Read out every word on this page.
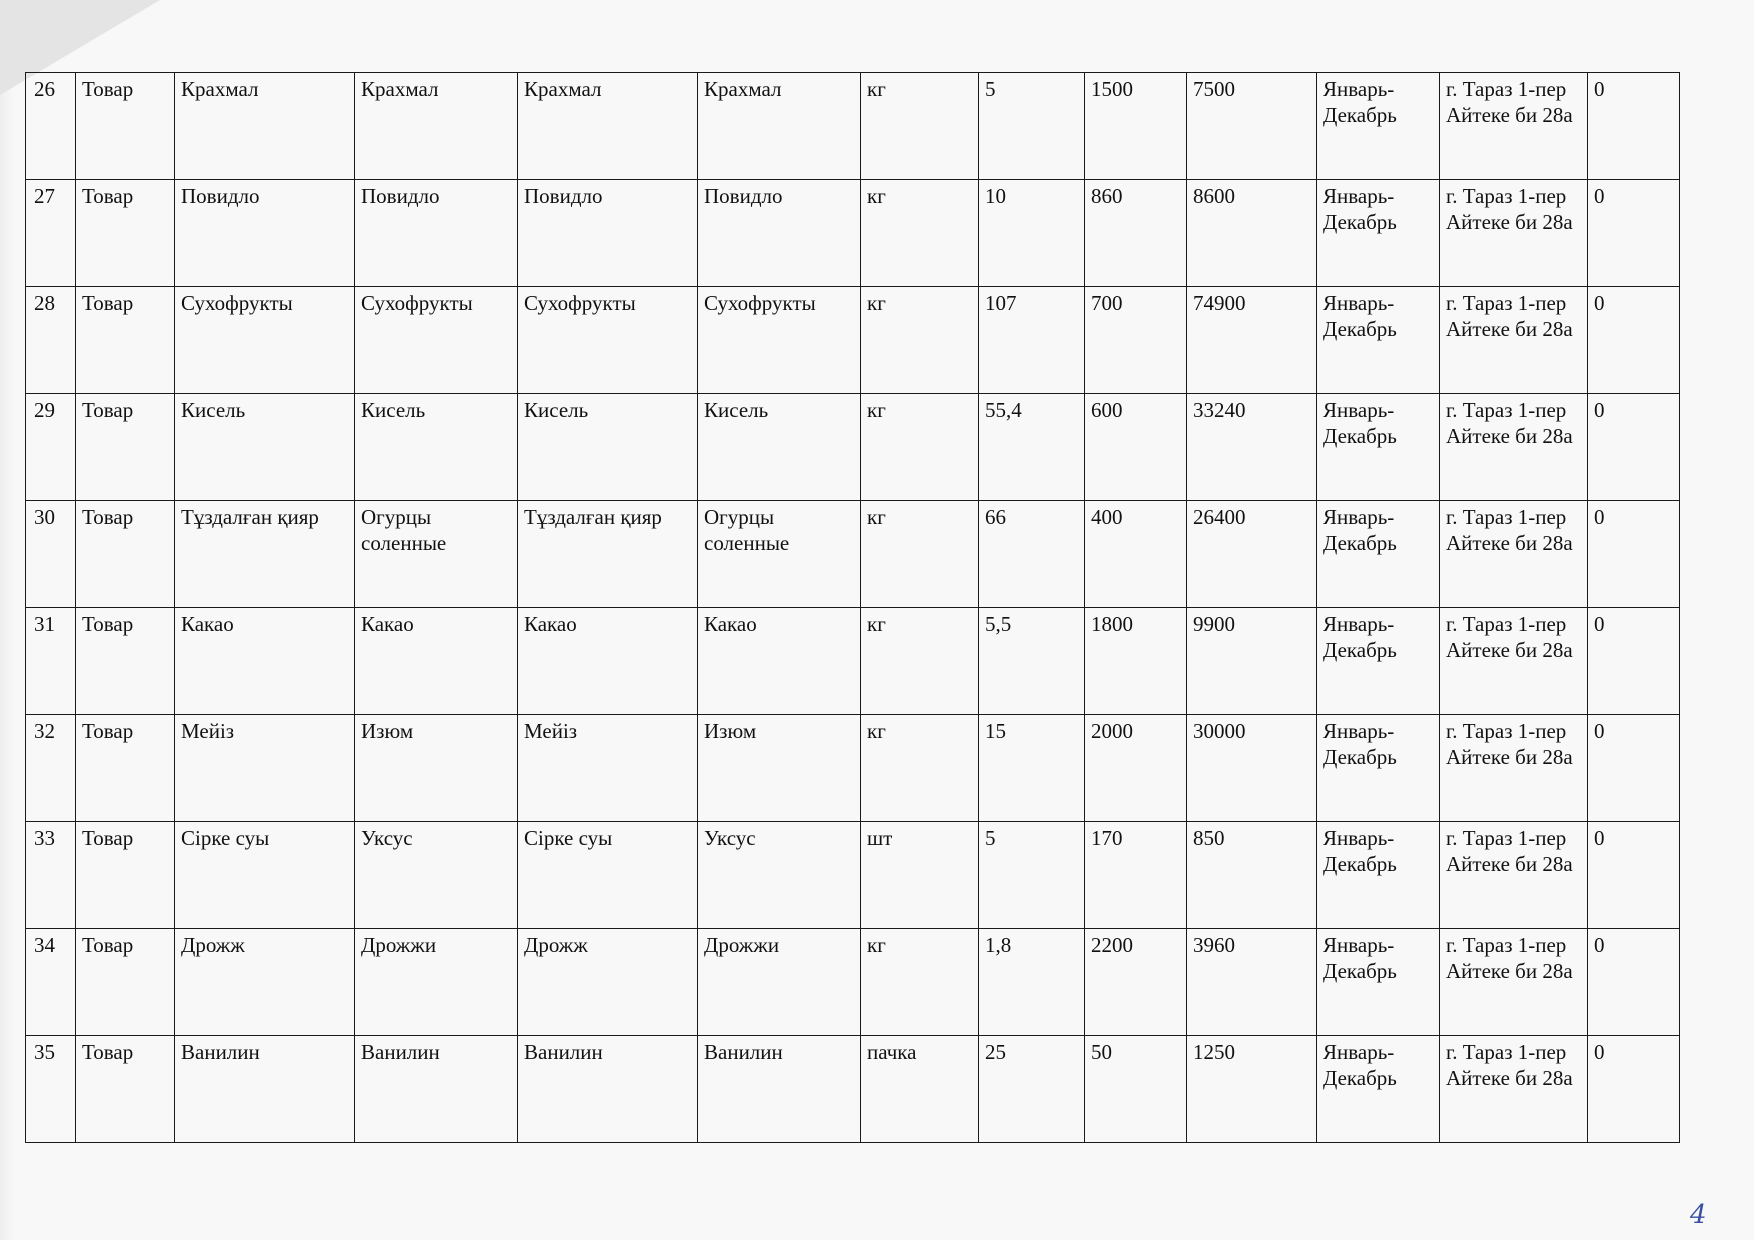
26	Товар	Крахмал	Крахмал	Крахмал	Крахмал	кг	5	1500	7500	Январь-Декабрь	г. Тараз 1-пер Айтеке би 28а	0
27	Товар	Повидло	Повидло	Повидло	Повидло	кг	10	860	8600	Январь-Декабрь	г. Тараз 1-пер Айтеке би 28а	0
28	Товар	Сухофрукты	Сухофрукты	Сухофрукты	Сухофрукты	кг	107	700	74900	Январь-Декабрь	г. Тараз 1-пер Айтеке би 28а	0
29	Товар	Кисель	Кисель	Кисель	Кисель	кг	55,4	600	33240	Январь-Декабрь	г. Тараз 1-пер Айтеке би 28а	0
30	Товар	Тұздалған қияр	Огурцы соленные	Тұздалған қияр	Огурцы соленные	кг	66	400	26400	Январь-Декабрь	г. Тараз 1-пер Айтеке би 28а	0
31	Товар	Какао	Какао	Какао	Какао	кг	5,5	1800	9900	Январь-Декабрь	г. Тараз 1-пер Айтеке би 28а	0
32	Товар	Мейіз	Изюм	Мейіз	Изюм	кг	15	2000	30000	Январь-Декабрь	г. Тараз 1-пер Айтеке би 28а	0
33	Товар	Сірке суы	Уксус	Сірке суы	Уксус	шт	5	170	850	Январь-Декабрь	г. Тараз 1-пер Айтеке би 28а	0
34	Товар	Дрожж	Дрожжи	Дрожж	Дрожжи	кг	1,8	2200	3960	Январь-Декабрь	г. Тараз 1-пер Айтеке би 28а	0
35	Товар	Ванилин	Ванилин	Ванилин	Ванилин	пачка	25	50	1250	Январь-Декабрь	г. Тараз 1-пер Айтеке би 28а	0
4
